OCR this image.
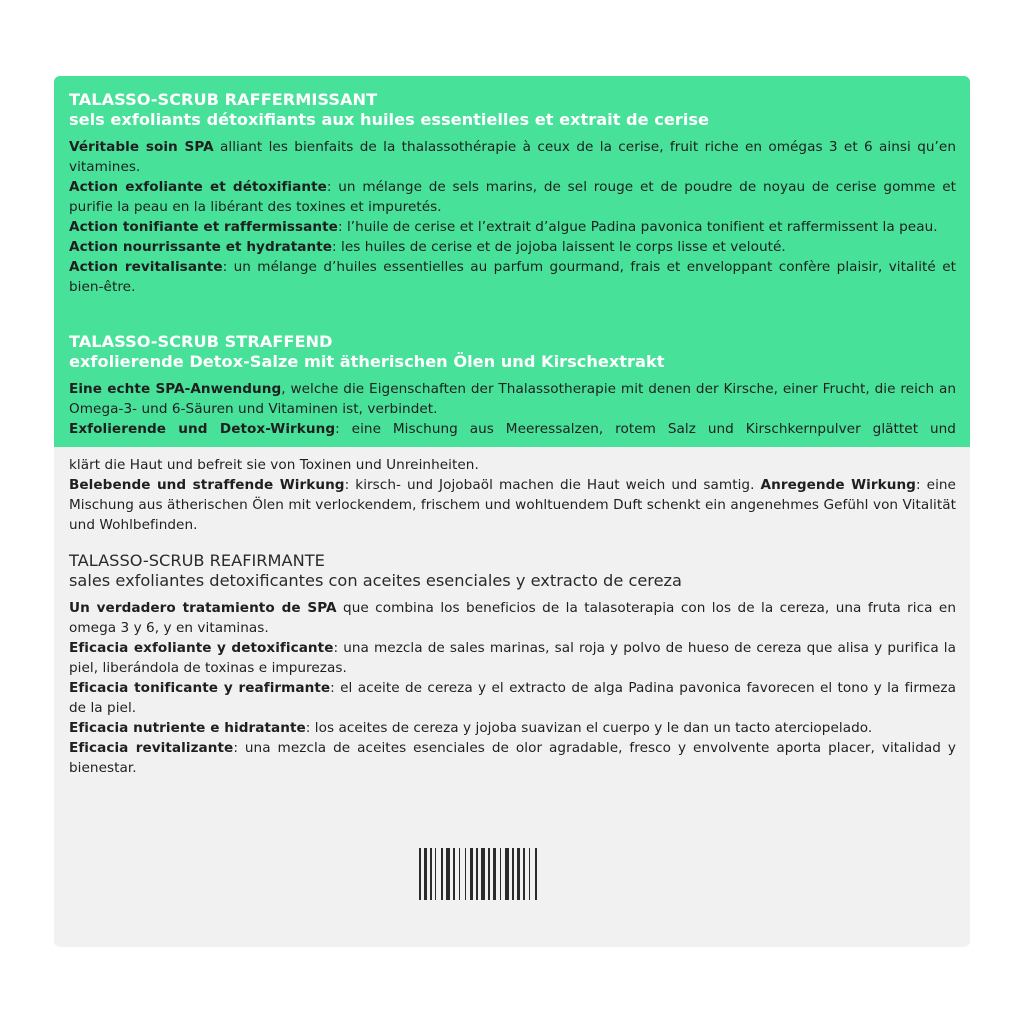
TALASSO-SCRUB RAFFERMISSANT
sels exfoliants détoxifiants aux huiles essentielles et extrait de cerise

Véritable soin SPA alliant les bienfaits de la thalassothérapie à ceux de la cerise, fruit riche en omégas 3 et 6 ainsi qu’en vitamines.

Action exfoliante et détoxifiante: un mélange de sels marins, de sel rouge et de poudre de noyau de cerise gomme et purifie la peau en la libérant des toxines et impuretés.

Action tonifiante et raffermissante: l’huile de cerise et l’extrait d’algue Padina pavonica tonifient et raffermissent la peau.

Action nourrissante et hydratante: les huiles de cerise et de jojoba laissent le corps lisse et velouté.

Action revitalisante: un mélange d’huiles essentielles au parfum gourmand, frais et enveloppant confère plaisir, vitalité et bien-être.

TALASSO-SCRUB STRAFFEND
exfolierende Detox-Salze mit ätherischen Ölen und Kirschextrakt

Eine echte SPA-Anwendung, welche die Eigenschaften der Thalassotherapie mit denen der Kirsche, einer Frucht, die reich an Omega-3- und 6-Säuren und Vitaminen ist, verbindet.

Exfolierende und Detox-Wirkung: eine Mischung aus Meeressalzen, rotem Salz und Kirschkernpulver glättet und

klärt die Haut und befreit sie von Toxinen und Unreinheiten.

Belebende und straffende Wirkung: kirsch- und Jojobaöl machen die Haut weich und samtig. Anregende Wirkung: eine Mischung aus ätherischen Ölen mit verlockendem, frischem und wohltuendem Duft schenkt ein angenehmes Gefühl von Vitalität und Wohlbefinden.

TALASSO-SCRUB REAFIRMANTE
sales exfoliantes detoxificantes con aceites esenciales y extracto de cereza

Un verdadero tratamiento de SPA que combina los beneficios de la talasoterapia con los de la cereza, una fruta rica en omega 3 y 6, y en vitaminas.

Eficacia exfoliante y detoxificante: una mezcla de sales marinas, sal roja y polvo de hueso de cereza que alisa y purifica la piel, liberándola de toxinas e impurezas.

Eficacia tonificante y reafirmante: el aceite de cereza y el extracto de alga Padina pavonica favorecen el tono y la firmeza de la piel.

Eficacia nutriente e hidratante: los aceites de cereza y jojoba suavizan el cuerpo y le dan un tacto aterciopelado.

Eficacia revitalizante: una mezcla de aceites esenciales de olor agradable, fresco y envolvente aporta placer, vitalidad y bienestar.
